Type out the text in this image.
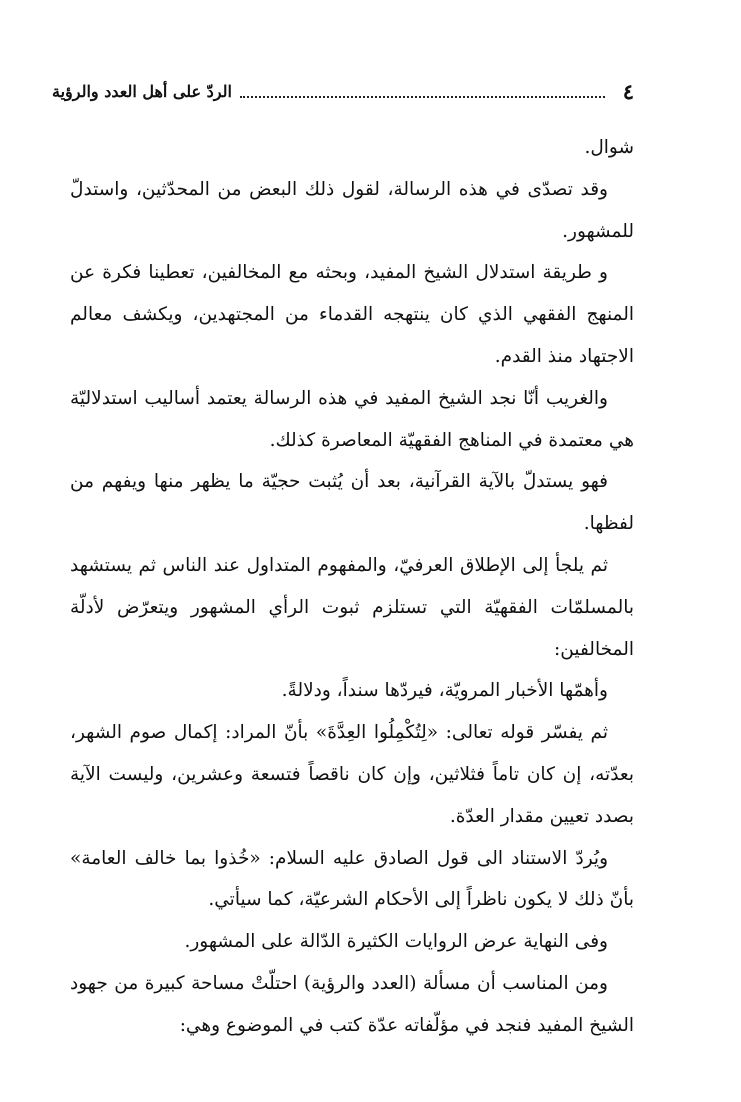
٤
الردّ على أهل العدد والرؤية

شوال.

وقد تصدّى في هذه الرسالة، لقول ذلك البعض من المحدّثين، واستدلّ للمشهور.

و طريقة استدلال الشيخ المفيد، وبحثه مع المخالفين، تعطينا فكرة عن المنهج الفقهي الذي كان ينتهجه القدماء من المجتهدين، ويكشف معالم الاجتهاد منذ القدم.

والغريب أنّا نجد الشيخ المفيد في هذه الرسالة يعتمد أساليب استدلاليّة هي معتمدة في المناهج الفقهيّة المعاصرة كذلك.

فهو يستدلّ بالآية القرآنية، بعد أن يُثبت حجيّة ما يظهر منها ويفهم من لفظها.

ثم يلجأ إلى الإطلاق العرفيّ، والمفهوم المتداول عند الناس ثم يستشهد بالمسلمّات الفقهيّة التي تستلزم ثبوت الرأي المشهور ويتعرّض لأدلّة المخالفين:

وأهمّها الأخبار المرويّة، فيردّها سنداً، ودلالةً.

ثم يفسّر قوله تعالى: «لِتُكْمِلُوا العِدَّةَ» بأنّ المراد: إكمال صوم الشهر، بعدّته، إن كان تاماً فثلاثين، وإن كان ناقصاً فتسعة وعشرين، وليست الآية بصدد تعيين مقدار العدّة.

ويُردّ الاستناد الى قول الصادق عليه السلام: «خُذوا بما خالف العامة» بأنّ ذلك لا يكون ناظراً إلى الأحكام الشرعيّة، كما سيأتي.

وفى النهاية عرض الروايات الكثيرة الدّالة على المشهور.

ومن المناسب أن مسألة (العدد والرؤية) احتلّتْ مساحة كبيرة من جهود الشيخ المفيد فنجد في مؤلّفاته عدّة كتب في الموضوع وهي:
